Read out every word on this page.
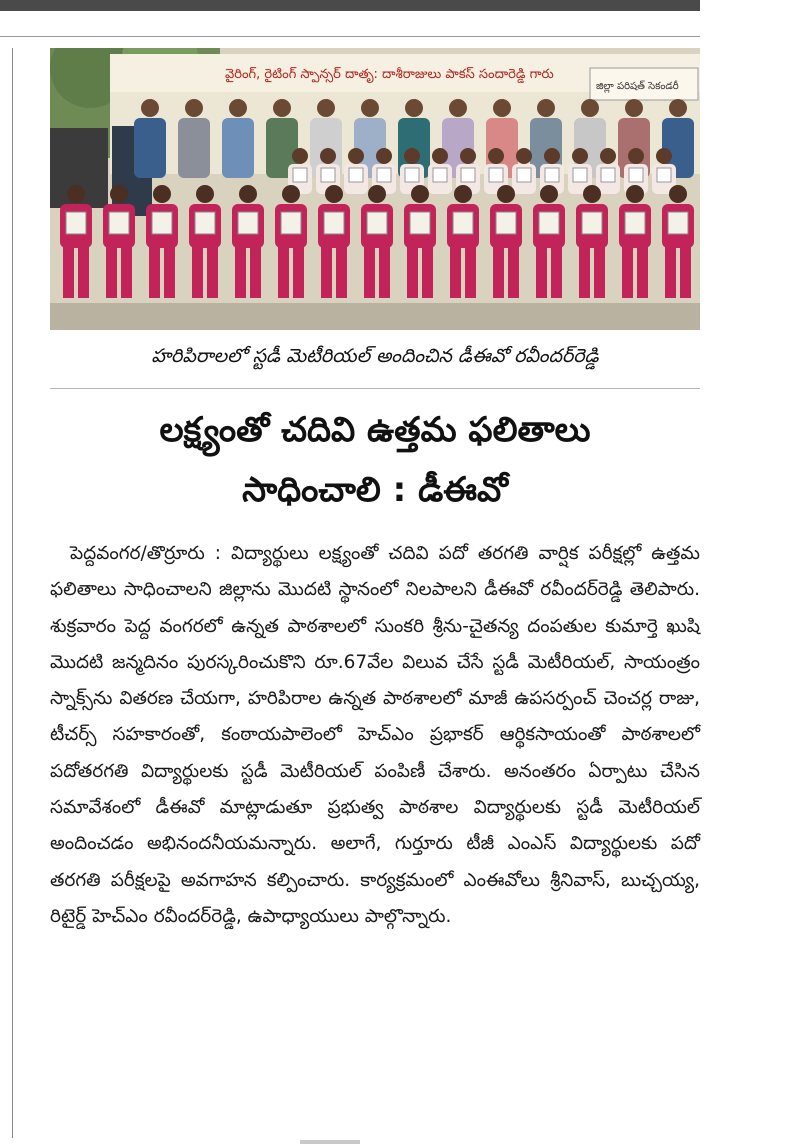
వైరింగ్, రైటింగ్ స్పాన్సర్ దాతృ: దాశీరాజులు పాకస్ సందారెడ్డి గారు
జిల్లా పరిషత్ సెకండరీ
హరిపిరాలలో స్టడీ మెటీరియల్ అందించిన డీఈవో రవీందర్‌రెడ్డి
లక్ష్యంతో చదివి ఉత్తమ ఫలితాలు
సాధించాలి : డీఈవో
పెద్దవంగర/తొర్రూరు : విద్యార్థులు లక్ష్యంతో చదివి పదో తరగతి వార్షిక పరీక్షల్లో ఉత్తమ ఫలితాలు సాధించాలని జిల్లాను మొదటి స్థానంలో నిలపాలని డీఈవో రవీందర్‌రెడ్డి తెలిపారు. శుక్రవారం పెద్ద వంగరలో ఉన్నత పాఠశాలలో సుంకరి శ్రీను-చైతన్య దంపతుల కుమార్తె ఖుషి మొదటి జన్మదినం పురస్కరించుకొని రూ.67వేల విలువ చేసే స్టడీ మెటీరియల్, సాయంత్రం స్నాక్స్‌ను వితరణ చేయగా, హరిపిరాల ఉన్నత పాఠశాలలో మాజీ ఉపసర్పంచ్ చెంచర్ల రాజు, టీచర్స్ సహకారంతో, కంఠాయపాలెంలో హెచ్‌ఎం ప్రభాకర్ ఆర్థికసాయంతో పాఠశాలలో పదోతరగతి విద్యార్థులకు స్టడీ మెటీరియల్ పంపిణీ చేశారు. అనంతరం ఏర్పాటు చేసిన సమావేశంలో డీఈవో మాట్లాడుతూ ప్రభుత్వ పాఠశాల విద్యార్థులకు స్టడీ మెటీరియల్ అందించడం అభినందనీయమన్నారు. అలాగే, గుర్తూరు టీజీ ఎంఎస్ విద్యార్థులకు పదో తరగతి పరీక్షలపై అవగాహన కల్పించారు. కార్యక్రమంలో ఎంఈవోలు శ్రీనివాస్, బుచ్చయ్య, రిటైర్డ్ హెచ్‌ఎం రవీందర్‌రెడ్డి, ఉపాధ్యాయులు పాల్గొన్నారు.
